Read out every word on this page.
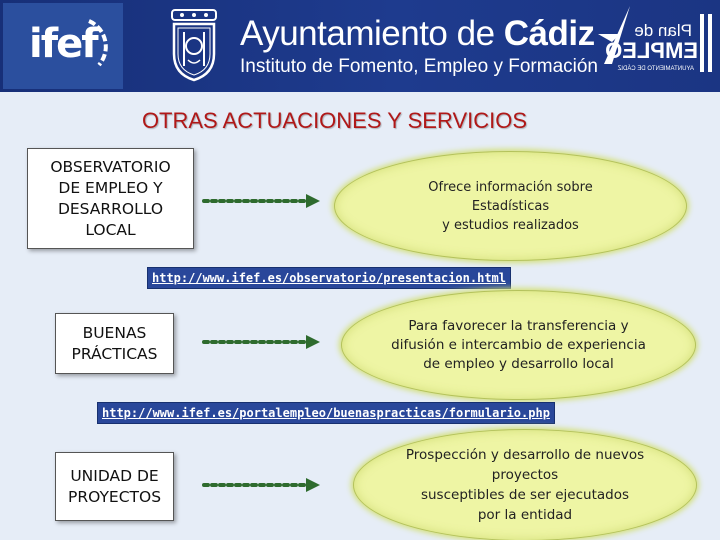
ifef	Ayuntamiento de Cádiz
Instituto de Fomento, Empleo y Formación
Plan de
EMPLEO
AYUNTAMIENTO DE CÁDIZ
OTRAS ACTUACIONES Y SERVICIOS
OBSERVATORIO
DE EMPLEO Y
DESARROLLO
LOCAL
Ofrece información sobre
Estadísticas
y estudios realizados
http://www.ifef.es/observatorio/presentacion.html
BUENAS
PRÁCTICAS
Para favorecer la transferencia y
difusión e intercambio de experiencia
de empleo y desarrollo local
http://www.ifef.es/portalempleo/buenaspracticas/formulario.php
UNIDAD DE
PROYECTOS
Prospección y desarrollo de nuevos
proyectos
susceptibles de ser ejecutados
por la entidad
